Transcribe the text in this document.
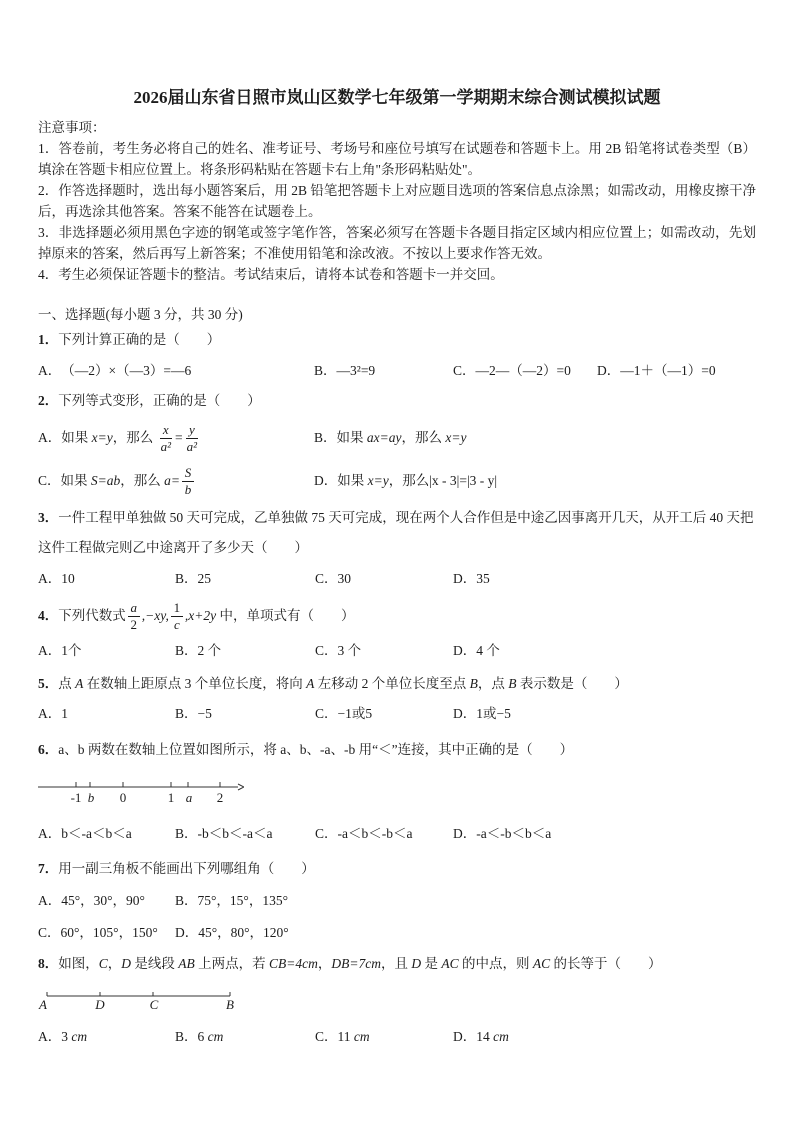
2026届山东省日照市岚山区数学七年级第一学期期末综合测试模拟试题

注意事项：

1．答卷前，考生务必将自己的姓名、准考证号、考场号和座位号填写在试题卷和答题卡上。用 2B 铅笔将试卷类型（B）填涂在答题卡相应位置上。将条形码粘贴在答题卡右上角"条形码粘贴处"。

2．作答选择题时，选出每小题答案后，用 2B 铅笔把答题卡上对应题目选项的答案信息点涂黑；如需改动，用橡皮擦干净后，再选涂其他答案。答案不能答在试题卷上。

3．非选择题必须用黑色字迹的钢笔或签字笔作答，答案必须写在答题卡各题目指定区域内相应位置上；如需改动，先划掉原来的答案，然后再写上新答案；不准使用铅笔和涂改液。不按以上要求作答无效。

4．考生必须保证答题卡的整洁。考试结束后，请将本试卷和答题卡一并交回。

一、选择题(每小题 3 分，共 30 分)
1． 下列计算正确的是（　　）
A． （—2）×（—3）=—6	B． —3²=9	C． —2—（—2）=0 D． —1＋（—1）=0
2． 下列等式变形，正确的是（　　）
A． 如果 x=y ，那么 $\frac{x}{\text{a²}} = \frac{y}{\text{a²}}$	B． 如果 ax=ay ，那么 x=y
C． 如果 S=ab ，那么 $a= \frac{S}{b}$	D． 如果 x=y ，那么 |x - 3|=|3 - y|
3．一件工程甲单独做 50 天可完成，乙单独做 75 天可完成，现在两个人合作但是中途乙因事离开几天，从开工后 40 天把这件工程做完则乙中途离开了多少天（　　）
A． 10	B． 25	C． 30	D． 35
4． 下列代数式 $\frac{a}{2} ,-xy$, $\frac{1}{c} ,x+2y$ 中，单项式有（　　）
A． 1个	B． 2 个	C． 3 个	D． 4 个
5． 点 A 在数轴上距原点 3 个单位长度，将向 A 左移动 2 个单位长度至点 B ，点 B 表示数是（　　）
A． 1	B． −5	C． −1或5	D． 1或−5
6． a、b 两数在数轴上位置如图所示，将 a、b、-a、-b 用“＜”连接，其中正确的是（　　）
-1 b 0	1 a 2
A． b＜-a＜b＜a	B． -b＜b＜-a＜a	C． -a＜b＜-b＜a	D． -a＜-b＜b＜a
7． 用一副三角板不能画出下列哪组角（　　）
A． 45°，30°，90° B． 75°，15°，135°
C． 60°，105°，150° D． 45°，80°，120°
8． 如图， C ， D 是线段 AB 上两点，若 CB=4cm ， DB=7cm ，且 D 是 AC 的中点，则 AC 的长等于（　　）
A	D	C	B
A． 3 cm	B． 6 cm	C． 11 cm	D． 14 cm
